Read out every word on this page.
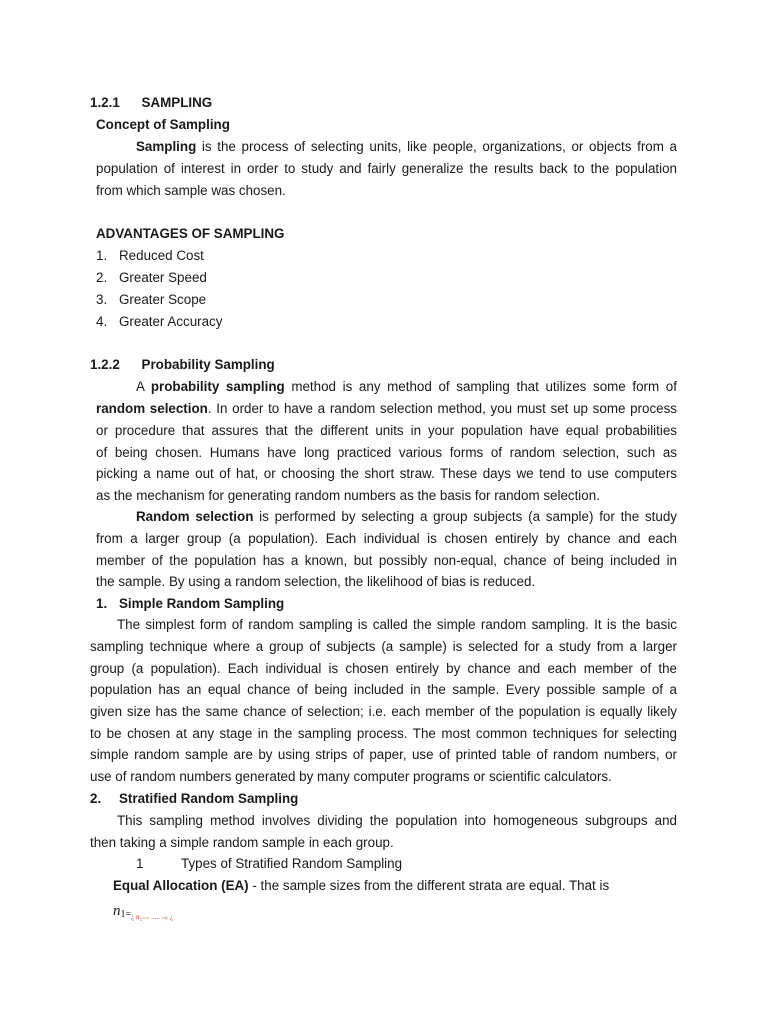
1.2.1 SAMPLING
Concept of Sampling
Sampling is the process of selecting units, like people, organizations, or objects from a
population of interest in order to study and fairly generalize the results back to the population
from which sample was chosen.
ADVANTAGES OF SAMPLING
1. Reduced Cost
2. Greater Speed
3. Greater Scope
4. Greater Accuracy
1.2.2 Probability Sampling
A probability sampling method is any method of sampling that utilizes some form of
random selection. In order to have a random selection method, you must set up some process
or procedure that assures that the different units in your population have equal probabilities
of being chosen. Humans have long practiced various forms of random selection, such as
picking a name out of hat, or choosing the short straw. These days we tend to use computers
as the mechanism for generating random numbers as the basis for random selection.
Random selection is performed by selecting a group subjects (a sample) for the study
from a larger group (a population). Each individual is chosen entirely by chance and each
member of the population has a known, but possibly non-equal, chance of being included in
the sample. By using a random selection, the likelihood of bias is reduced.
1. Simple Random Sampling
The simplest form of random sampling is called the simple random sampling. It is the basic
sampling technique where a group of subjects (a sample) is selected for a study from a larger
group (a population). Each individual is chosen entirely by chance and each member of the
population has an equal chance of being included in the sample. Every possible sample of a
given size has the same chance of selection; i.e. each member of the population is equally likely
to be chosen at any stage in the sampling process. The most common techniques for selecting
simple random sample are by using strips of paper, use of printed table of random numbers, or
use of random numbers generated by many computer programs or scientific calculators.
2. Stratified Random Sampling
This sampling method involves dividing the population into homogeneous subgroups and
then taking a simple random sample in each group.
1	Types of Stratified Random Sampling
Equal Allocation (EA) - the sample sizes from the different strata are equal. That is
$n1=_{¿ n_{2==} ..... _{=k} ¿}$
